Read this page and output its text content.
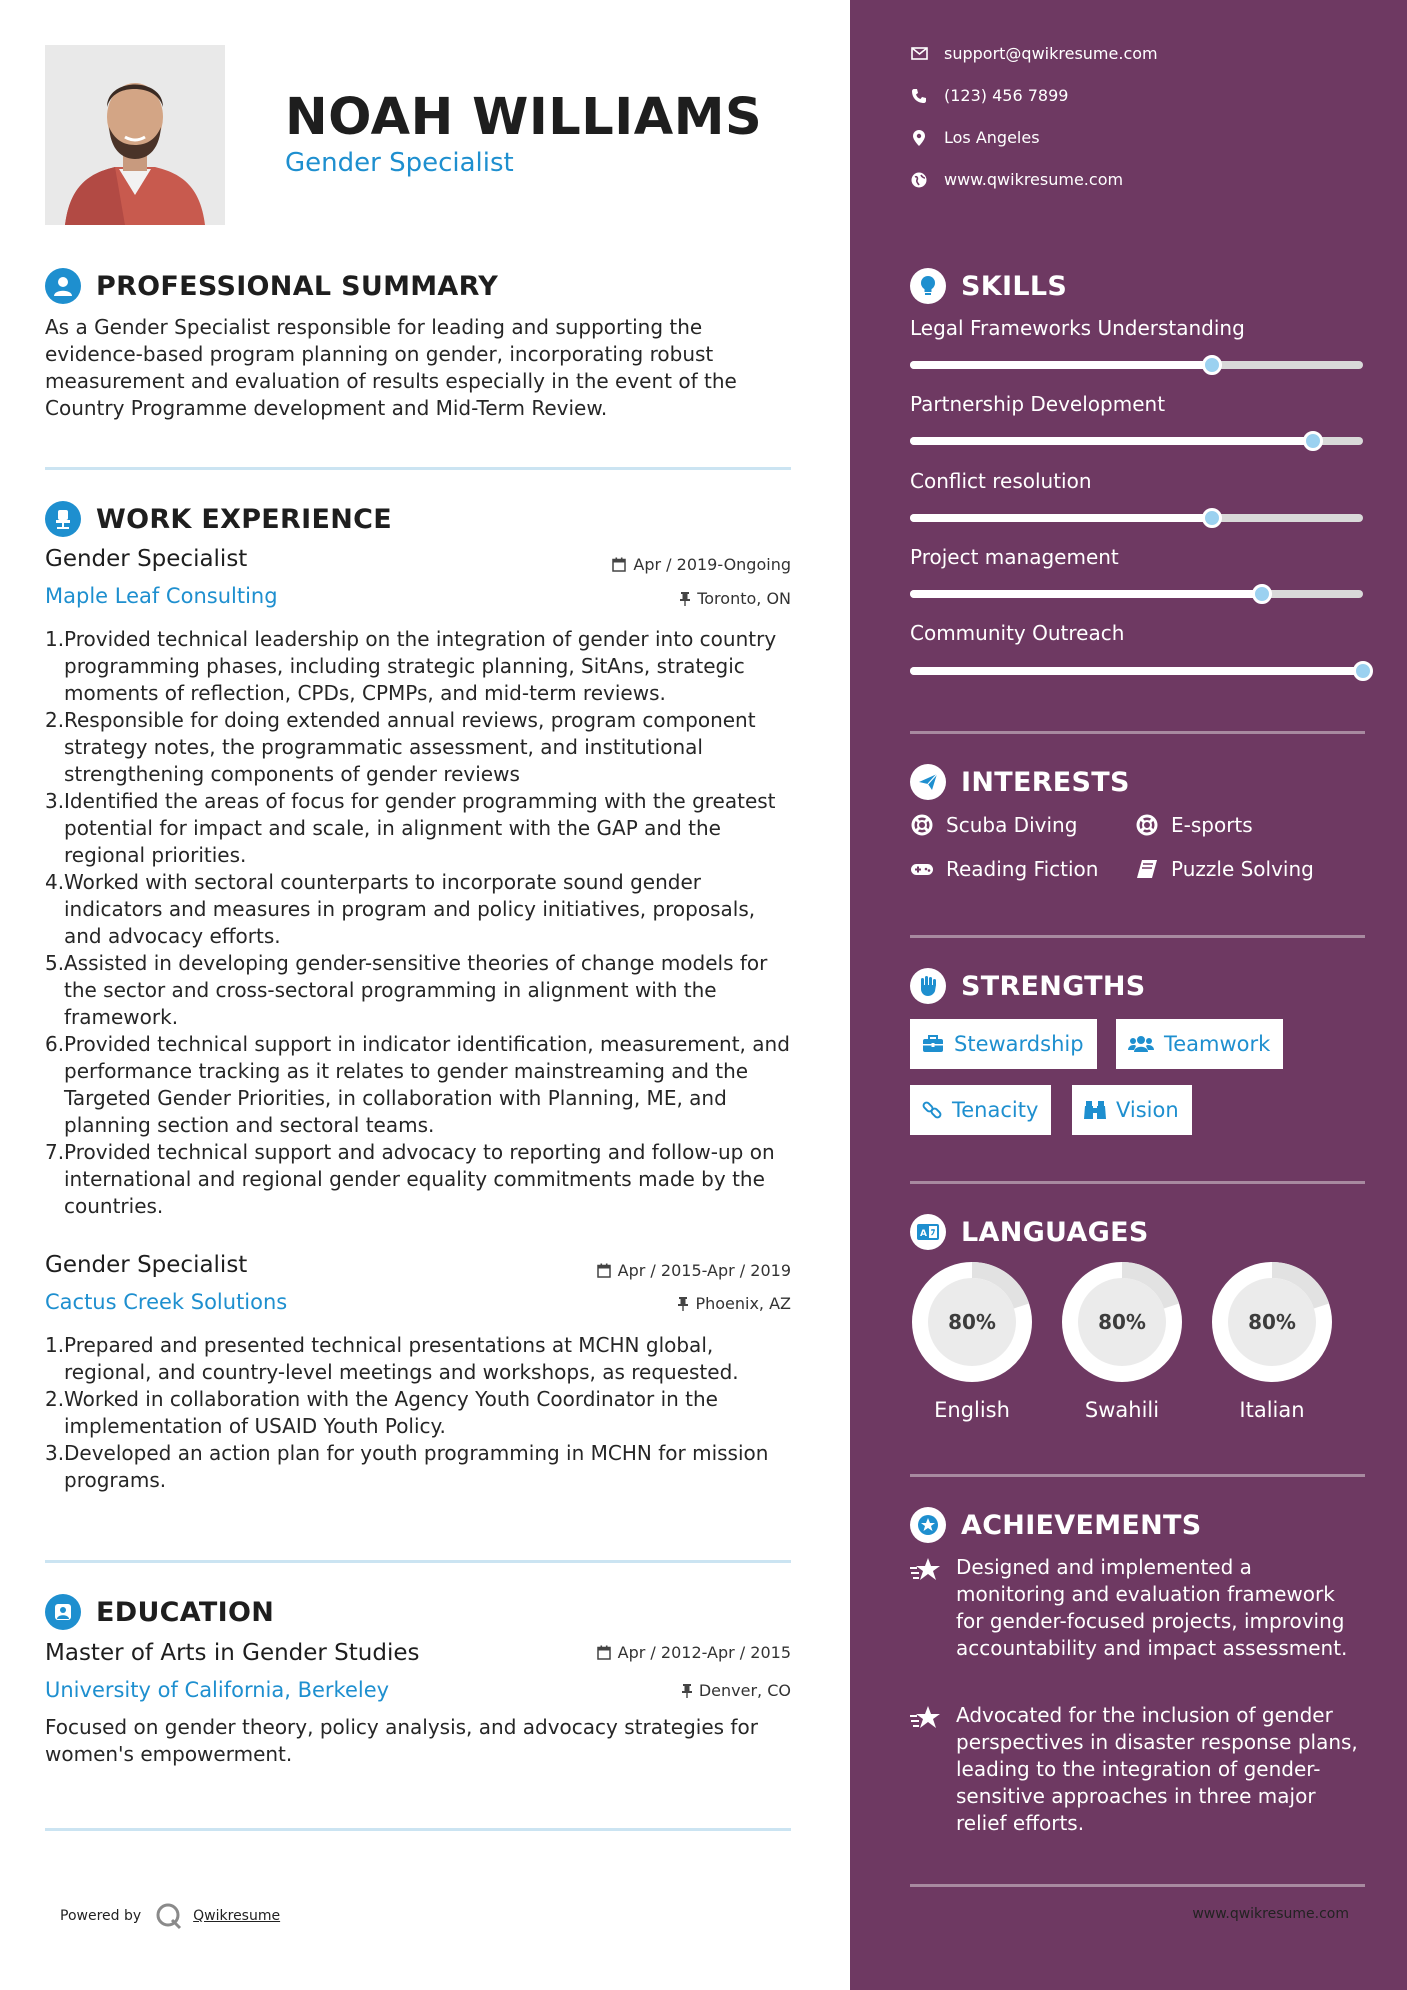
NOAH WILLIAMS
Gender Specialist
PROFESSIONAL SUMMARY
As a Gender Specialist responsible for leading and supporting the evidence-based program planning on gender, incorporating robust measurement and evaluation of results especially in the event of the Country Programme development and Mid-Term Review.
WORK EXPERIENCE
Gender Specialist	Apr / 2019-Ongoing
Maple Leaf Consulting	Toronto, ON
1. Provided technical leadership on the integration of gender into country programming phases, including strategic planning, SitAns, strategic moments of reflection, CPDs, CPMPs, and mid-term reviews.
2. Responsible for doing extended annual reviews, program component strategy notes, the programmatic assessment, and institutional strengthening components of gender reviews
3. Identified the areas of focus for gender programming with the greatest potential for impact and scale, in alignment with the GAP and the regional priorities.
4. Worked with sectoral counterparts to incorporate sound gender indicators and measures in program and policy initiatives, proposals, and advocacy efforts.
5. Assisted in developing gender-sensitive theories of change models for the sector and cross-sectoral programming in alignment with the framework.
6. Provided technical support in indicator identification, measurement, and performance tracking as it relates to gender mainstreaming and the Targeted Gender Priorities, in collaboration with Planning, ME, and planning section and sectoral teams.
7. Provided technical support and advocacy to reporting and follow-up on international and regional gender equality commitments made by the countries.
Gender Specialist	Apr / 2015-Apr / 2019
Cactus Creek Solutions	Phoenix, AZ
1. Prepared and presented technical presentations at MCHN global, regional, and country-level meetings and workshops, as requested.
2. Worked in collaboration with the Agency Youth Coordinator in the implementation of USAID Youth Policy.
3. Developed an action plan for youth programming in MCHN for mission programs.
EDUCATION
Master of Arts in Gender Studies	Apr / 2012-Apr / 2015
University of California, Berkeley	Denver, CO
Focused on gender theory, policy analysis, and advocacy strategies for women's empowerment.
Powered by	Qwikresume
support@qwikresume.com
(123) 456 7899
Los Angeles
www.qwikresume.com
SKILLS
Legal Frameworks Understanding
Partnership Development
Conflict resolution
Project management
Community Outreach
INTERESTS
Scuba Diving	E-sports
Reading Fiction	Puzzle Solving
STRENGTHS
Stewardship	Teamwork
Tenacity	Vision
A LANGUAGES
80%
English
80%
Swahili
80%
Italian
ACHIEVEMENTS
Designed and implemented a monitoring and evaluation framework for gender-focused projects, improving accountability and impact assessment.
Advocated for the inclusion of gender perspectives in disaster response plans, leading to the integration of gender-sensitive approaches in three major relief efforts.
www.qwikresume.com
